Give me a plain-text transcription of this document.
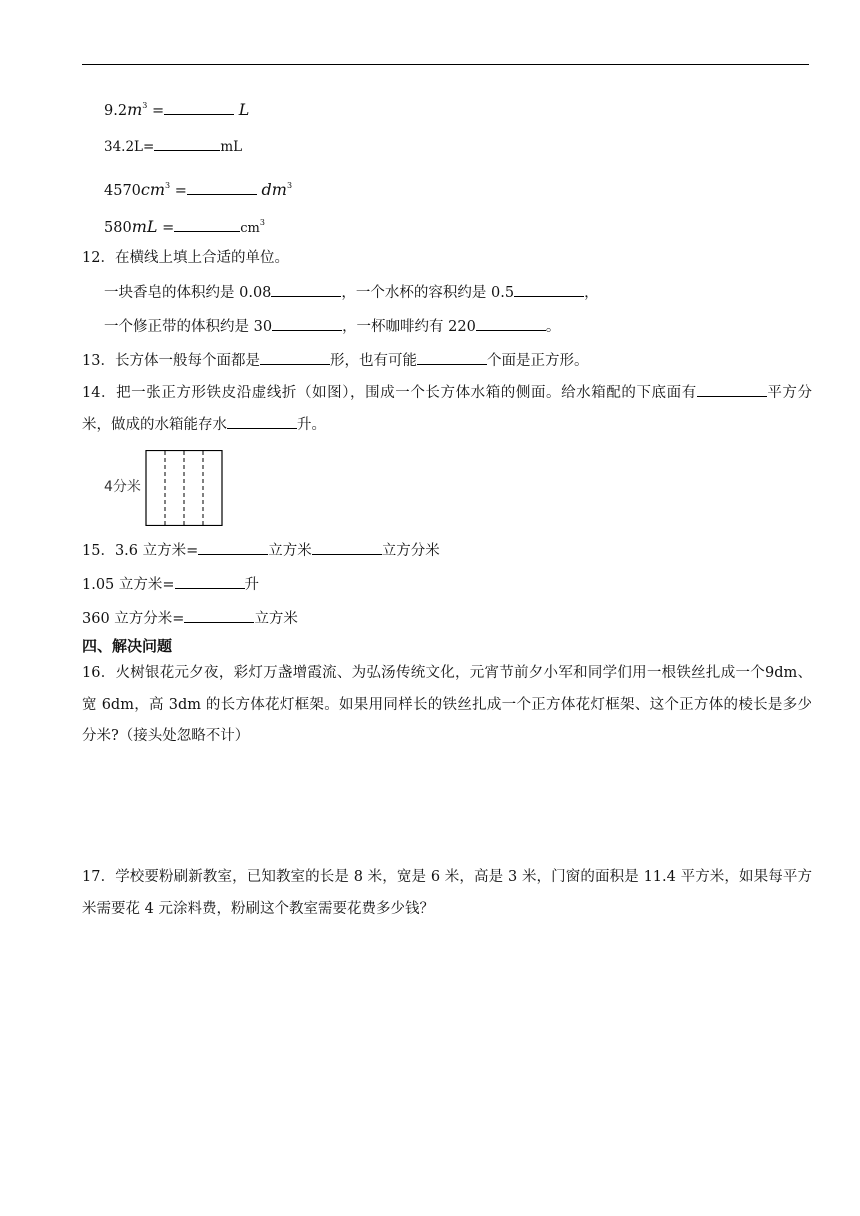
$9.2m^3$ =	L
34.2L=	mL
$4570cm^3$ =	$dm^3$
580mL =	$cm^3$
12．在横线上填上合适的单位。
一块香皂的体积约是 0.08	，一个水杯的容积约是 0.5	，
一个修正带的体积约是 30	，一杯咖啡约有 220	。
13．长方体一般每个面都是	形，也有可能	个面是正方形。
14．把一张正方形铁皮沿虚线折（如图），围成一个长方体水箱的侧面。给水箱配的下底面有	平方分米，做成的水箱能存水	升。
4分米
15．3.6 立方米=	立方米	立方分米
1.05 立方米=	升
360 立方分米=	立方米
四、解决问题
16．火树银花元夕夜，彩灯万盏增霞流、为弘汤传统文化，元宵节前夕小军和同学们用一根铁丝扎成一个9dm、宽 6dm，高 3dm 的长方体花灯框架。如果用同样长的铁丝扎成一个正方体花灯框架、这个正方体的棱长是多少分米?（接头处忽略不计）
17．学校要粉刷新教室，已知教室的长是 8 米，宽是 6 米，高是 3 米，门窗的面积是 11.4 平方米，如果每平方米需要花 4 元涂料费，粉刷这个教室需要花费多少钱？
